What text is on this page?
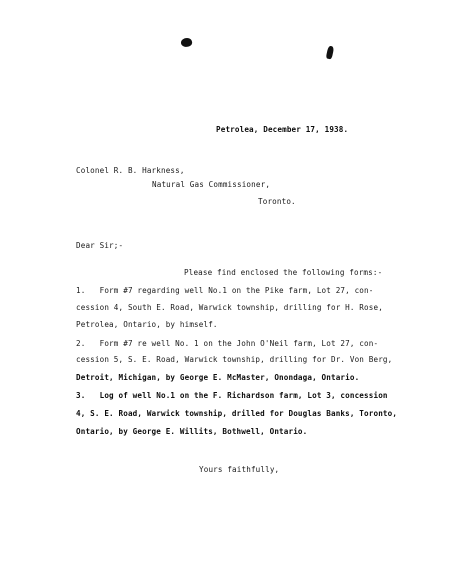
Petrolea, December 17, 1938.
Colonel R. B. Harkness,
Natural Gas Commissioner,
Toronto.
Dear Sir;-
Please find enclosed the following forms:-
1.   Form #7 regarding well No.1 on the Pike farm, Lot 27, con-
cession 4, South E. Road, Warwick township, drilling for H. Rose,
Petrolea, Ontario, by himself.
2.   Form #7 re well No. 1 on the John O'Neil farm, Lot 27, con-
cession 5, S. E. Road, Warwick township, drilling for Dr. Von Berg,
Detroit, Michigan, by George E. McMaster, Onondaga, Ontario.
3.   Log of well No.1 on the F. Richardson farm, Lot 3, concession
4, S. E. Road, Warwick township, drilled for Douglas Banks, Toronto,
Ontario, by George E. Willits, Bothwell, Ontario.
Yours faithfully,
